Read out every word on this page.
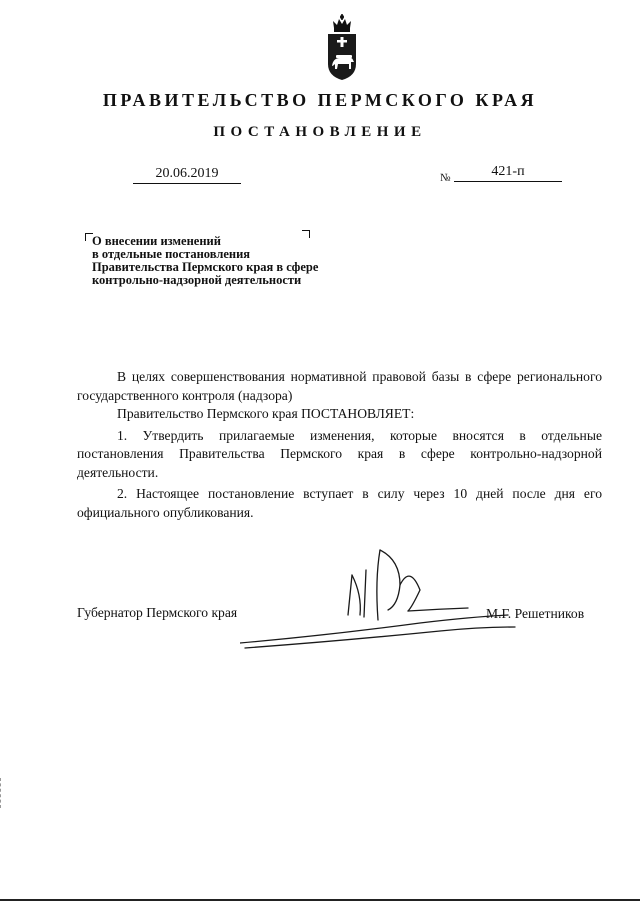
ПРАВИТЕЛЬСТВО ПЕРМСКОГО КРАЯ
ПОСТАНОВЛЕНИЕ
20.06.2019	№	421-п
О внесении изменений
в отдельные постановления
Правительства Пермского края в сфере
контрольно-надзорной деятельности

В целях совершенствования нормативной правовой базы в сфере регионального государственного контроля (надзора)

Правительство Пермского края ПОСТАНОВЛЯЕТ:

1. Утвердить прилагаемые изменения, которые вносятся в отдельные постановления Правительства Пермского края в сфере контрольно-надзорной деятельности.

2. Настоящее постановление вступает в силу через 10 дней после дня его официального опубликования.

Губернатор Пермского края	М.Г. Решетников
